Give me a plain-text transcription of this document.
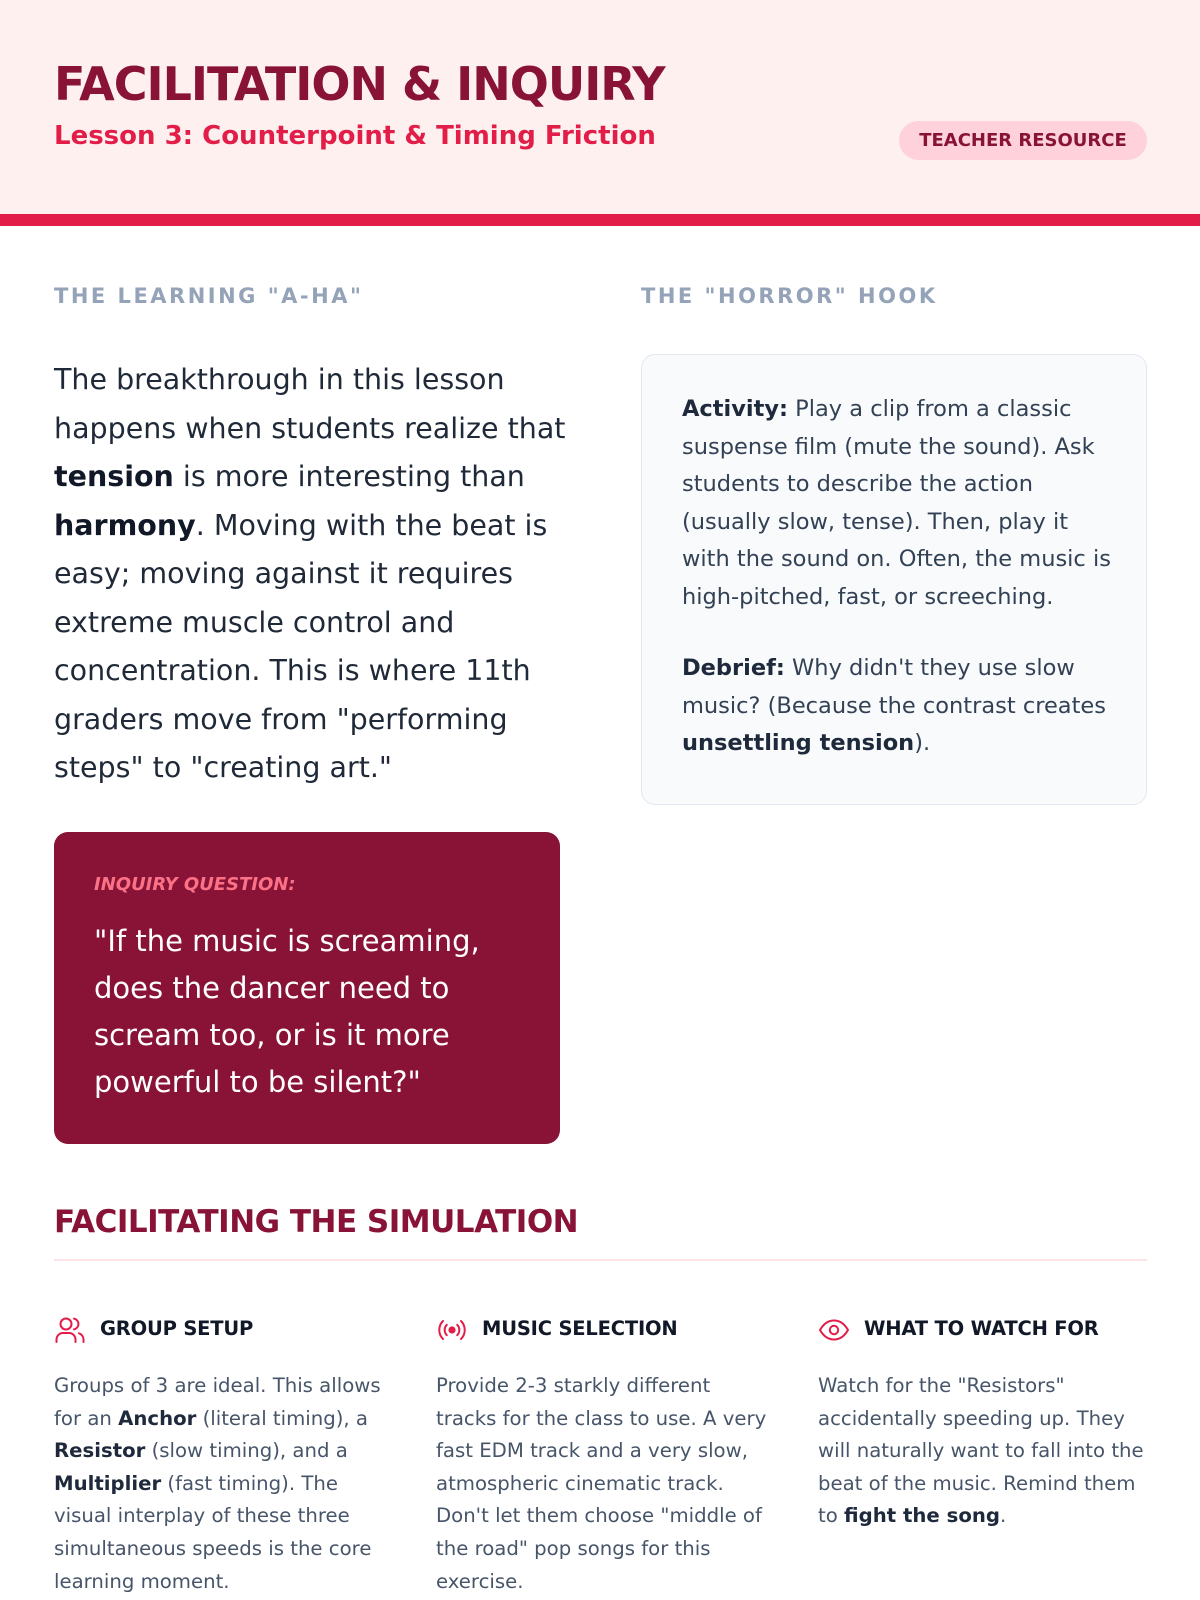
FACILITATION & INQUIRY
Lesson 3: Counterpoint & Timing Friction	TEACHER RESOURCE
THE LEARNING "A-HA"

The breakthrough in this lesson happens when students realize that tension is more interesting than harmony. Moving with the beat is easy; moving against it requires extreme muscle control and concentration. This is where 11th graders move from "performing steps" to "creating art."

INQUIRY QUESTION:
"If the music is screaming, does the dancer need to scream too, or is it more powerful to be silent?"
THE "HORROR" HOOK

Activity: Play a clip from a classic suspense film (mute the sound). Ask students to describe the action (usually slow, tense). Then, play it with the sound on. Often, the music is high-pitched, fast, or screeching.

Debrief: Why didn't they use slow music? (Because the contrast creates unsettling tension).

FACILITATING THE SIMULATION
GROUP SETUP

Groups of 3 are ideal. This allows for an Anchor (literal timing), a Resistor (slow timing), and a Multiplier (fast timing). The visual interplay of these three simultaneous speeds is the core learning moment.

MUSIC SELECTION

Provide 2-3 starkly different tracks for the class to use. A very fast EDM track and a very slow, atmospheric cinematic track. Don't let them choose "middle of the road" pop songs for this exercise.

WHAT TO WATCH FOR

Watch for the "Resistors" accidentally speeding up. They will naturally want to fall into the beat of the music. Remind them to fight the song.
